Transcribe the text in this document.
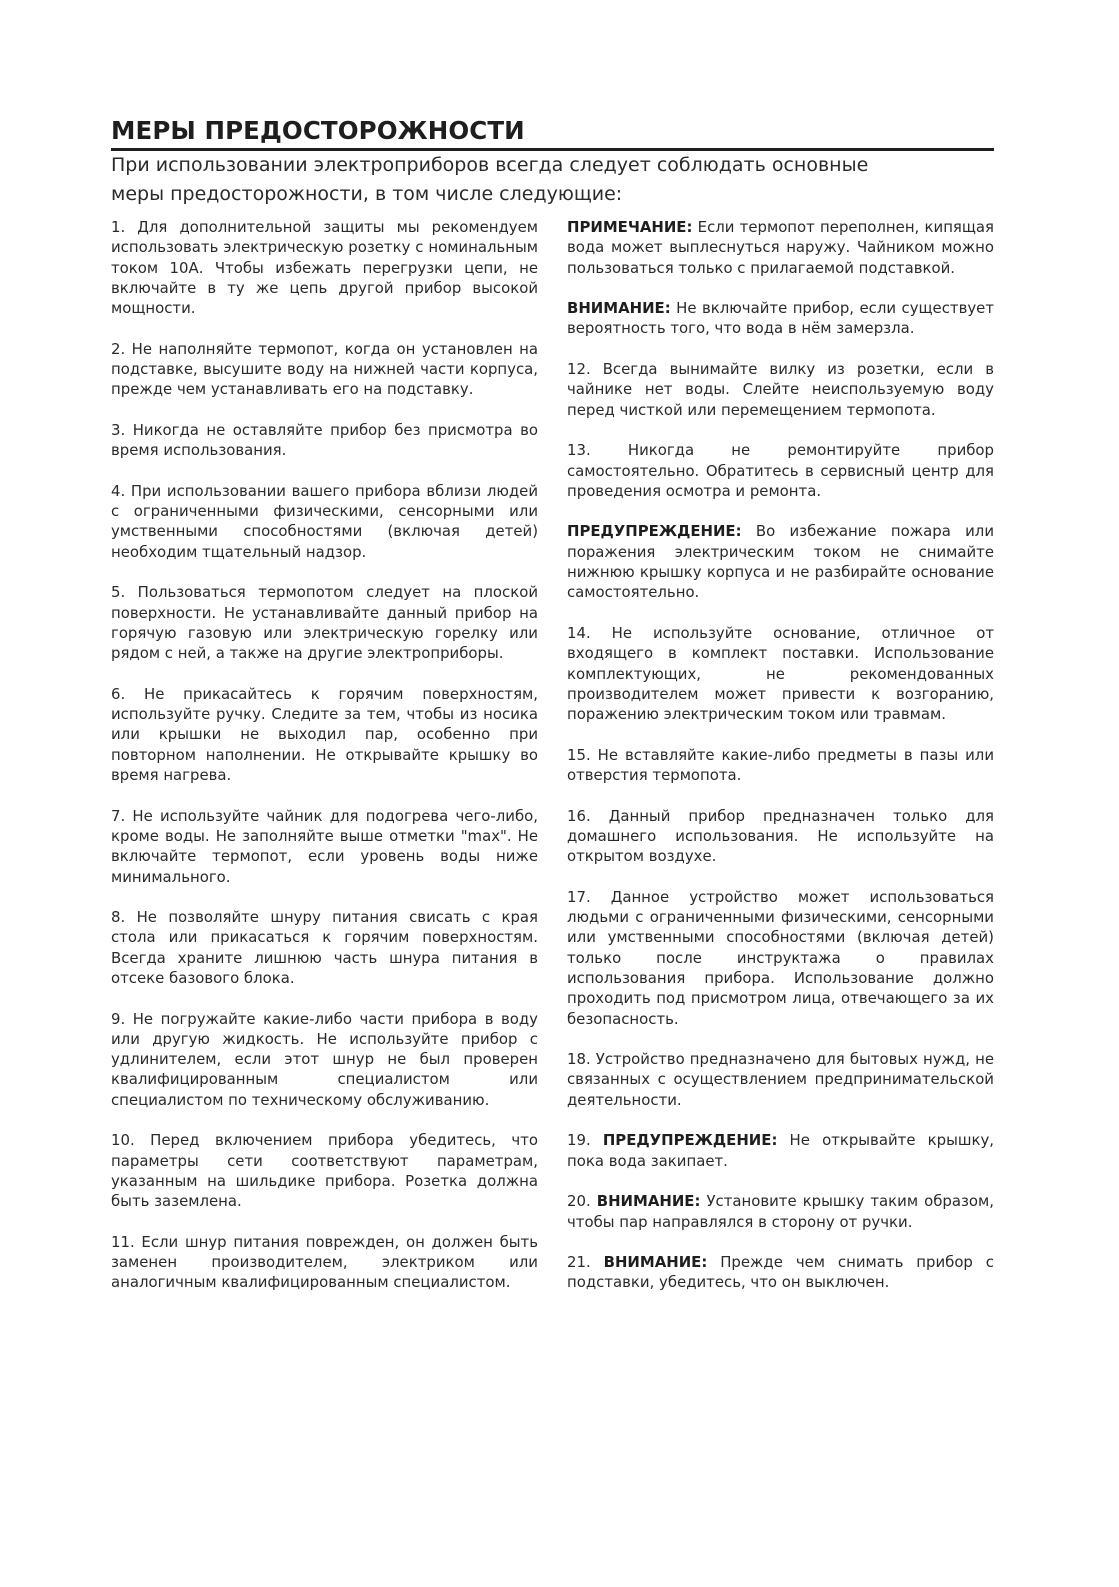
МЕРЫ ПРЕДОСТОРОЖНОСТИ

При использовании электроприборов всегда следует соблюдать основные
меры предосторожности, в том числе следующие:

1. Для дополнительной защиты мы рекомендуем использовать электрическую розетку с номинальным током 10А. Чтобы избежать перегрузки цепи, не включайте в ту же цепь другой прибор высокой мощности.

2. Не наполняйте термопот, когда он установлен на подставке, высушите воду на нижней части корпуса, прежде чем устанавливать его на подставку.

3. Никогда не оставляйте прибор без присмотра во время использования.

4. При использовании вашего прибора вблизи людей с ограниченными физическими, сенсорными или умственными способностями (включая детей) необходим тщательный надзор.

5. Пользоваться термопотом следует на плоской поверхности. Не устанавливайте данный прибор на горячую газовую или электрическую горелку или рядом с ней, а также на другие электроприборы.

6. Не прикасайтесь к горячим поверхностям, используйте ручку. Следите за тем, чтобы из носика или крышки не выходил пар, особенно при повторном наполнении. Не открывайте крышку во время нагрева.

7. Не используйте чайник для подогрева чего-либо, кроме воды. Не заполняйте выше отметки "max". Не включайте термопот, если уровень воды ниже минимального.

8. Не позволяйте шнуру питания свисать с края стола или прикасаться к горячим поверхностям. Всегда храните лишнюю часть шнура питания в отсеке базового блока.

9. Не погружайте какие-либо части прибора в воду или другую жидкость. Не используйте прибор с удлинителем, если этот шнур не был проверен квалифицированным специалистом или специалистом по техническому обслуживанию.

10. Перед включением прибора убедитесь, что параметры сети соответствуют параметрам, указанным на шильдике прибора. Розетка должна быть заземлена.

11. Если шнур питания поврежден, он должен быть заменен производителем, электриком или аналогичным квалифицированным специалистом.

ПРИМЕЧАНИЕ: Если термопот переполнен, кипящая вода может выплеснуться наружу. Чайником можно пользоваться только с прилагаемой подставкой.

ВНИМАНИЕ: Не включайте прибор, если существует вероятность того, что вода в нём замерзла.

12. Всегда вынимайте вилку из розетки, если в чайнике нет воды. Слейте неиспользуемую воду перед чисткой или перемещением термопота.

13. Никогда не ремонтируйте прибор самостоятельно. Обратитесь в сервисный центр для проведения осмотра и ремонта.

ПРЕДУПРЕЖДЕНИЕ: Во избежание пожара или поражения электрическим током не снимайте нижнюю крышку корпуса и не разбирайте основание самостоятельно.

14. Не используйте основание, отличное от входящего в комплект поставки. Использование комплектующих, не рекомендованных производителем может привести к возгоранию, поражению электрическим током или травмам.

15. Не вставляйте какие-либо предметы в пазы или отверстия термопота.

16. Данный прибор предназначен только для домашнего использования. Не используйте на открытом воздухе.

17. Данное устройство может использоваться людьми с ограниченными физическими, сенсорными или умственными способностями (включая детей) только после инструктажа о правилах использования прибора. Использование должно проходить под присмотром лица, отвечающего за их безопасность.

18. Устройство предназначено для бытовых нужд, не связанных с осуществлением предпринимательской деятельности.

19. ПРЕДУПРЕЖДЕНИЕ: Не открывайте крышку, пока вода закипает.

20. ВНИМАНИЕ: Установите крышку таким образом, чтобы пар направлялся в сторону от ручки.

21. ВНИМАНИЕ: Прежде чем снимать прибор с подставки, убедитесь, что он выключен.
